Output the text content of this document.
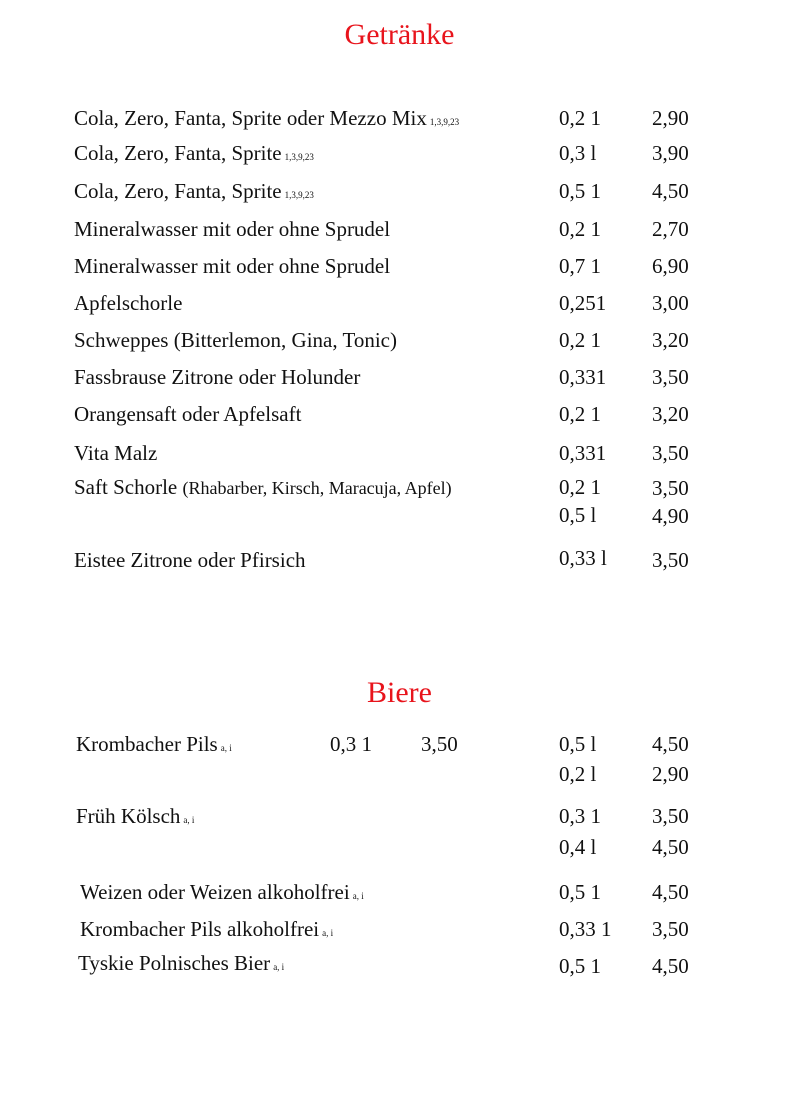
Getränke
Cola, Zero, Fanta, Sprite oder Mezzo Mix 1,3,9,23	0,2 1 2,90
Cola, Zero, Fanta, Sprite 1,3,9,23	0,3 l	3,90
Cola, Zero, Fanta, Sprite 1,3,9,23	0,5 1 4,50
Mineralwasser mit oder ohne Sprudel	0,2 1 2,70
Mineralwasser mit oder ohne Sprudel	0,7 1 6,90
Apfelschorle	0,251 3,00
Schweppes (Bitterlemon, Gina, Tonic)	0,2 1 3,20
Fassbrause Zitrone oder Holunder	0,331 3,50
Orangensaft oder Apfelsaft	0,2 1 3,20
Vita Malz	0,331 3,50
Saft Schorle (Rhabarber, Kirsch, Maracuja, Apfel)	0,2 1 3,50
0,5 l	4,90
Eistee Zitrone oder Pfirsich	0,33 l 3,50
Biere
Krombacher Pils a, i	0,3 1 3,50	0,5 l	4,50
0,2 l	2,90
Früh Kölsch a, i	0,3 1 3,50
0,4 l	4,50
Weizen oder Weizen alkoholfrei a, i	0,5 1 4,50
Krombacher Pils alkoholfrei a, i	0,33 1 3,50
Tyskie Polnisches Bier a, i	0,5 1 4,50
